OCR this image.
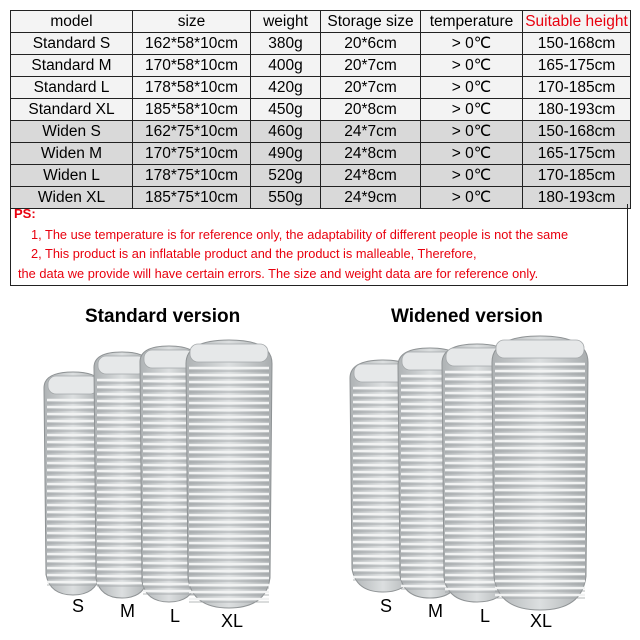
model	size	weight	Storage size	temperature	Suitable height
Standard S	162*58*10cm	380g	20*6cm	> 0℃	150-168cm
Standard M	170*58*10cm	400g	20*7cm	> 0℃	165-175cm
Standard L	178*58*10cm	420g	20*7cm	> 0℃	170-185cm
Standard XL	185*58*10cm	450g	20*8cm	> 0℃	180-193cm
Widen S	162*75*10cm	460g	24*7cm	> 0℃	150-168cm
Widen M	170*75*10cm	490g	24*8cm	> 0℃	165-175cm
Widen L	178*75*10cm	520g	24*8cm	> 0℃	170-185cm
Widen XL	185*75*10cm	550g	24*9cm	> 0℃	180-193cm
PS:
1, The use temperature is for reference only, the adaptability of different people is not the same
2, This product is an inflatable product and the product is malleable, Therefore,
the data we provide will have certain errors. The size and weight data are for reference only.
Standard version	Widened version
S M L XL
S M L XL
